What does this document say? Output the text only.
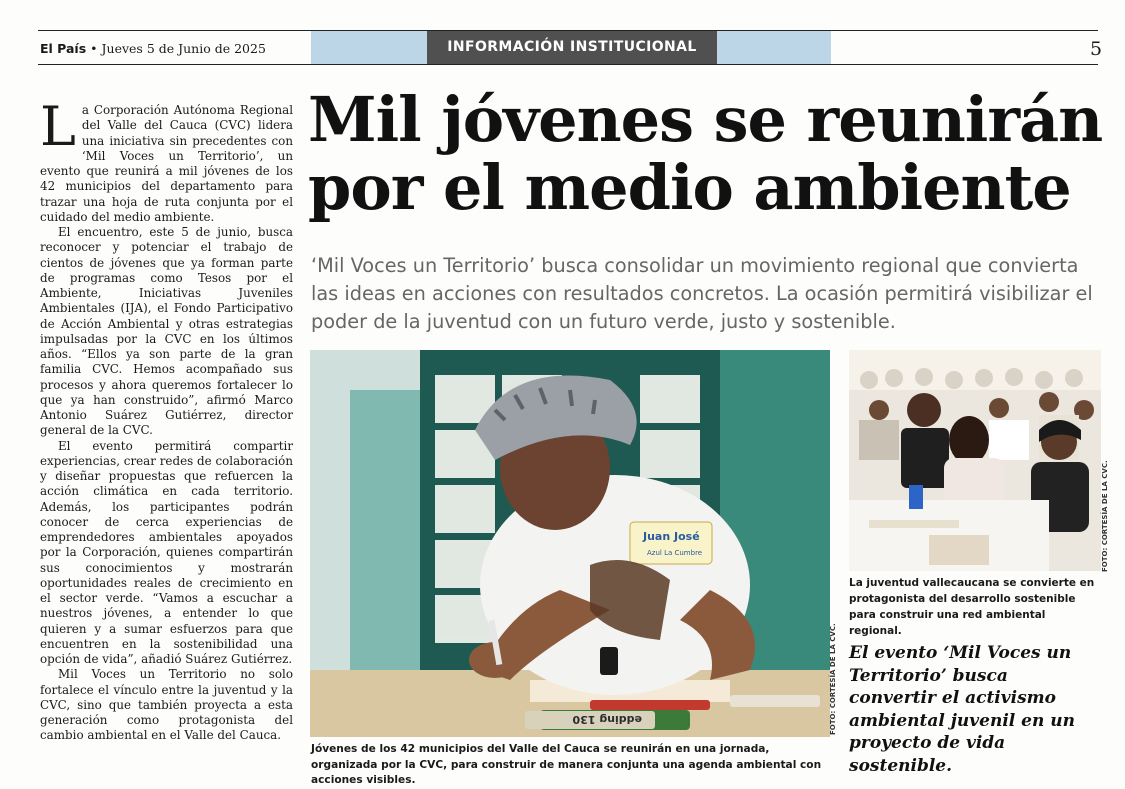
INFORMACIÓN INSTITUCIONAL
El País • Jueves 5 de Junio de 2025	5

La Corporación Autónoma Regional del Valle del Cauca (CVC) lidera una iniciativa sin precedentes con ‘Mil Voces un Territorio’, un evento que reunirá a mil jóvenes de los 42 municipios del departamento para trazar una hoja de ruta conjunta por el cuidado del medio ambiente.

El encuentro, este 5 de junio, busca reconocer y potenciar el trabajo de cientos de jóvenes que ya forman parte de programas como Tesos por el Ambiente, Iniciativas Juveniles Ambientales (IJA), el Fondo Participativo de Acción Ambiental y otras estrategias impulsadas por la CVC en los últimos años. “Ellos ya son parte de la gran familia CVC. Hemos acompañado sus procesos y ahora queremos fortalecer lo que ya han construido”, afirmó Marco Antonio Suárez Gutiérrez, director general de la CVC.

El evento permitirá compartir experiencias, crear redes de colaboración y diseñar propuestas que refuercen la acción climática en cada territorio. Además, los participantes podrán conocer de cerca experiencias de emprendedores ambientales apoyados por la Corporación, quienes compartirán sus conocimientos y mostrarán oportunidades reales de crecimiento en el sector verde. “Vamos a escuchar a nuestros jóvenes, a entender lo que quieren y a sumar esfuerzos para que encuentren en la sostenibilidad una opción de vida”, añadió Suárez Gutiérrez.

Mil Voces un Territorio no solo fortalece el vínculo entre la juventud y la CVC, sino que también proyecta a esta generación como protagonista del cambio ambiental en el Valle del Cauca.

Mil jóvenes se reunirán
por el medio ambiente
‘Mil Voces un Territorio’ busca consolidar un movimiento regional que convierta las ideas en acciones con resultados concretos. La ocasión permitirá visibilizar el poder de la juventud con un futuro verde, justo y sostenible.
Juan José
Azul La Cumbre
edding 130	FOTO: CORTESÍA DE LA CVC.
Jóvenes de los 42 municipios del Valle del Cauca se reunirán en una jornada, organizada por la CVC, para construir de manera conjunta una agenda ambiental con acciones visibles.
FOTO: CORTESÍA DE LA CVC.
La juventud vallecaucana se convierte en protagonista del desarrollo sostenible para construir una red ambiental regional.
El evento ‘Mil Voces un Territorio’ busca convertir el activismo ambiental juvenil en un proyecto de vida sostenible.
